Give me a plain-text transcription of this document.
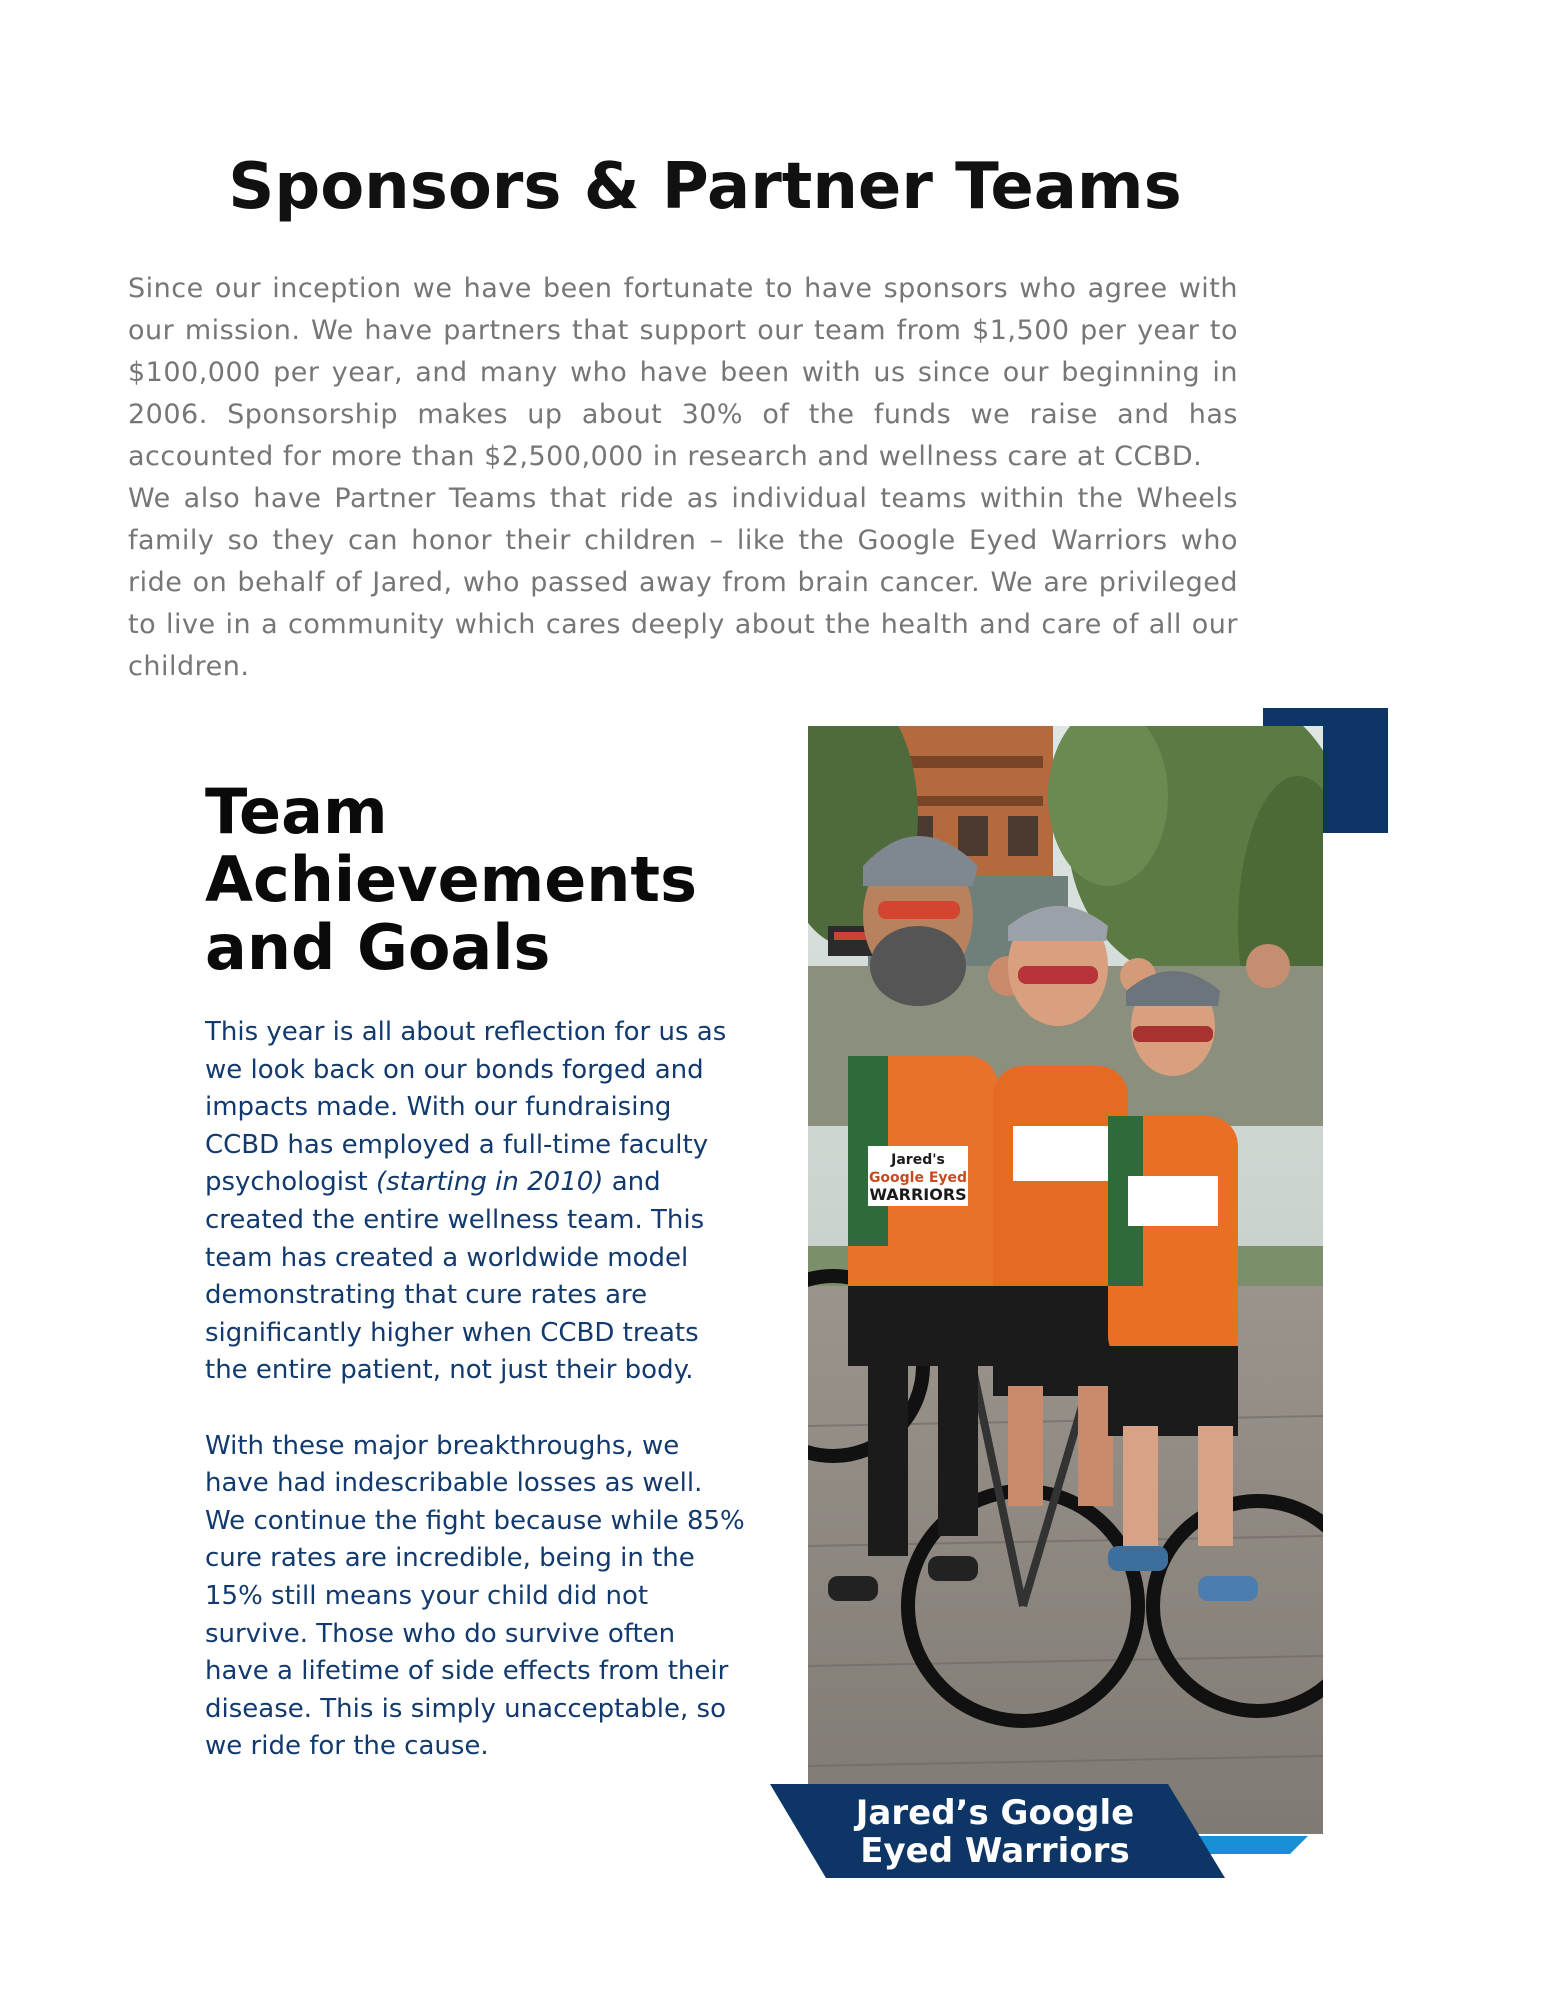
Sponsors & Partner Teams

Since our inception we have been fortunate to have sponsors who agree with our mission. We have partners that support our team from $1,500 per year to $100,000 per year, and many who have been with us since our beginning in 2006. Sponsorship makes up about 30% of the funds we raise and has accounted for more than $2,500,000 in research and wellness care at CCBD.

We also have Partner Teams that ride as individual teams within the Wheels family so they can honor their children – like the Google Eyed Warriors who ride on behalf of Jared, who passed away from brain cancer. We are privileged to live in a community which cares deeply about the health and care of all our children.

Jared's
Google Eyed
WARRIORS
Team
Achievements
and Goals

This year is all about reflection for us as we look back on our bonds forged and impacts made. With our fundraising CCBD has employed a full-time faculty psychologist (starting in 2010) and created the entire wellness team. This team has created a worldwide model demonstrating that cure rates are significantly higher when CCBD treats the entire patient, not just their body.

With these major breakthroughs, we have had indescribable losses as well. We continue the fight because while 85% cure rates are incredible, being in the 15% still means your child did not survive. Those who do survive often have a lifetime of side effects from their disease. This is simply unacceptable, so we ride for the cause.

Jared’s Google
Eyed Warriors
